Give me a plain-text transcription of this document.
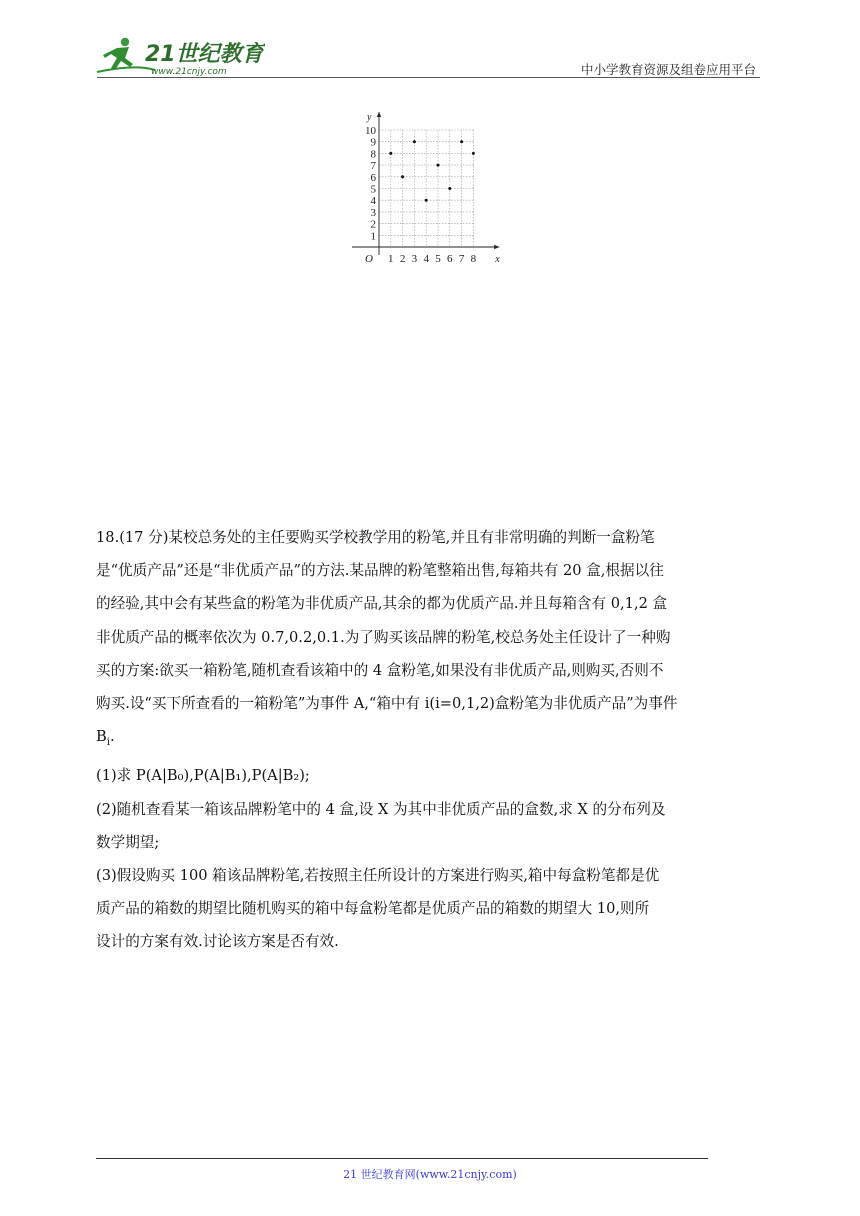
21世纪教育
www.21cnjy.com	中小学教育资源及组卷应用平台
x
y
O 1 2 3 4 5 6 7 8
1
2
3
4
5
6
7
8
9
10
18.(17 分)某校总务处的主任要购买学校教学用的粉笔,并且有非常明确的判断一盒粉笔
是“优质产品”还是“非优质产品”的方法.某品牌的粉笔整箱出售,每箱共有 20 盒,根据以往
的经验,其中会有某些盒的粉笔为非优质产品,其余的都为优质产品.并且每箱含有 0,1,2 盒
非优质产品的概率依次为 0.7,0.2,0.1.为了购买该品牌的粉笔,校总务处主任设计了一种购
买的方案:欲买一箱粉笔,随机查看该箱中的 4 盒粉笔,如果没有非优质产品,则购买,否则不
购买.设“买下所查看的一箱粉笔”为事件 A,“箱中有 i(i=0,1,2)盒粉笔为非优质产品”为事件
$B_i$.
(1)求 P(A|B₀),P(A|B₁),P(A|B₂);
(2)随机查看某一箱该品牌粉笔中的 4 盒,设 X 为其中非优质产品的盒数,求 X 的分布列及
数学期望;
(3)假设购买 100 箱该品牌粉笔,若按照主任所设计的方案进行购买,箱中每盒粉笔都是优
质产品的箱数的期望比随机购买的箱中每盒粉笔都是优质产品的箱数的期望大 10,则所
设计的方案有效.讨论该方案是否有效.
21 世纪教育网(www.21cnjy.com)
